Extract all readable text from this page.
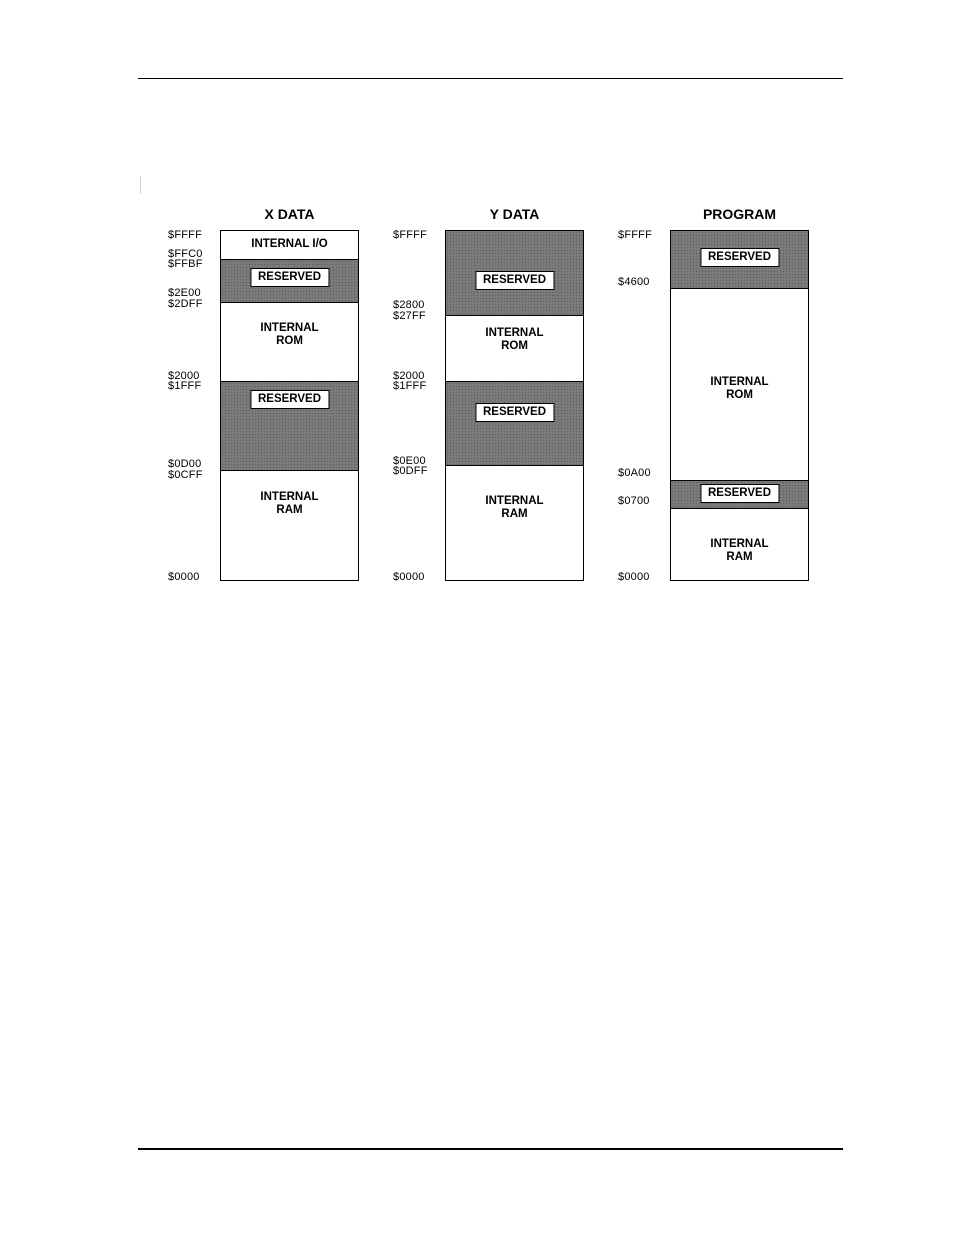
X DATA
INTERNAL I/O
RESERVED
INTERNAL
ROM
RESERVED
INTERNAL
RAM
$FFFF
$FFC0
$FFBF
$2E00
$2DFF
$2000
$1FFF
$0D00
$0CFF
$0000
Y DATA
RESERVED
INTERNAL
ROM
RESERVED
INTERNAL
RAM
$FFFF
$2800
$27FF
$2000
$1FFF
$0E00
$0DFF
$0000
PROGRAM
RESERVED
INTERNAL
ROM
RESERVED
INTERNAL
RAM
$FFFF
$4600
$0A00
$0700
$0000
